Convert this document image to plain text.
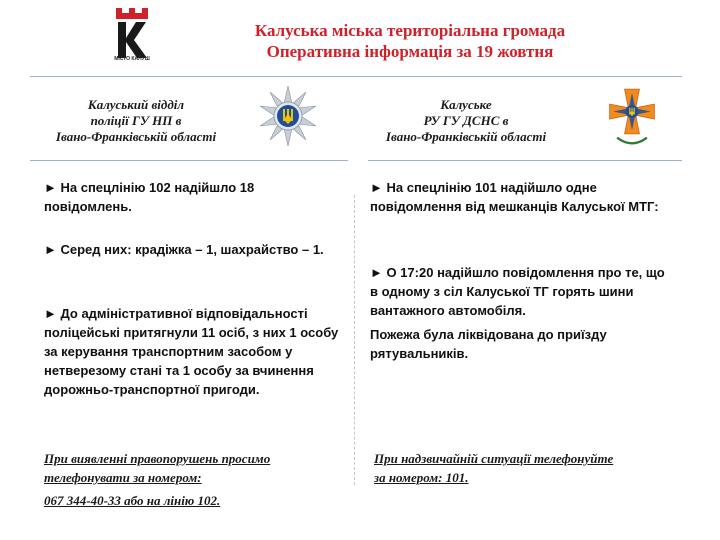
МІСТО КАЛУШ
Калуська міська територіальна громада
Оперативна інформація за 19 жовтня
Калуський відділ
поліції ГУ НП в
Івано-Франківській області
Калуське
РУ ГУ ДСНС в
Івано-Франківській області
► На спецлінію 102 надійшло 18 повідомлень.
► Серед них: крадіжка – 1, шахрайство – 1.
► До адміністративної відповідальності поліцейські притягнули 11 осіб, з них 1 особу за керування транспортним засобом у нетверезому стані та 1 особу за вчинення дорожньо-транспортної пригоди.
При виявленні правопорушень просимо
телефонувати за номером:
067 344-40-33 або на лінію 102.
► На спецлінію 101 надійшло одне повідомлення від мешканців Калуської МТГ:
► О 17:20 надійшло повідомлення про те, що в одному з сіл Калуської ТГ горять шини вантажного автомобіля.
Пожежа була ліквідована до приїзду рятувальників.
При надзвичайній ситуації телефонуйте
за номером: 101.
